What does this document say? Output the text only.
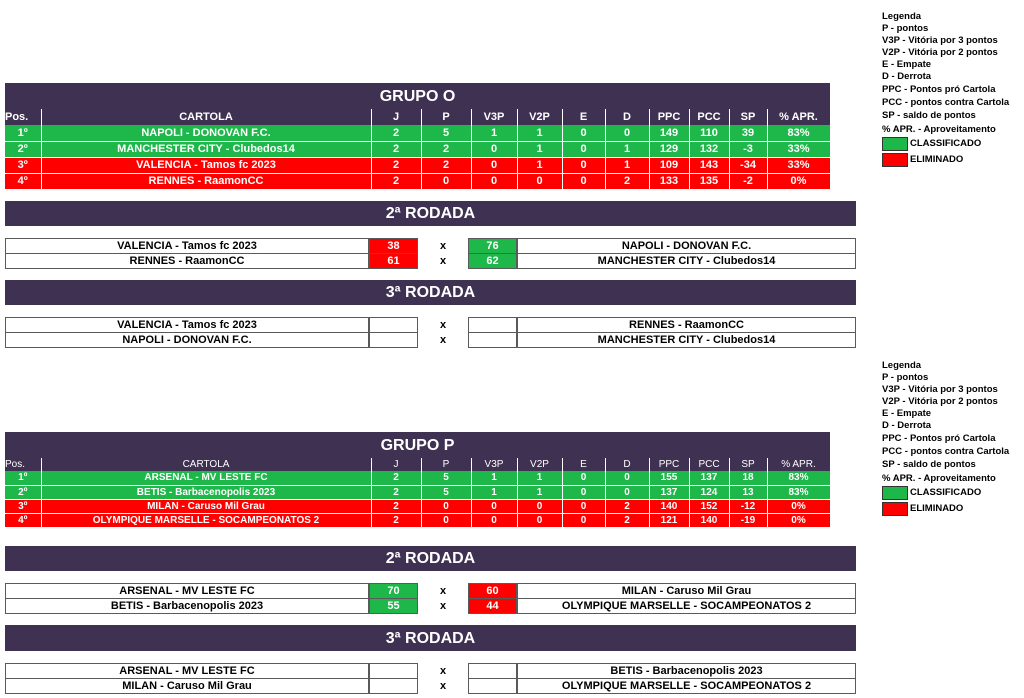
Legenda
P - pontos
V3P - Vitória por 3 pontos
V2P - Vitória por 2 pontos
E - Empate
D - Derrota
PPC - Pontos pró Cartola
PCC - pontos contra Cartola
SP - saldo de pontos
% APR. - Aproveitamento
CLASSIFICADO
ELIMINADO
Legenda
P - pontos
V3P - Vitória por 3 pontos
V2P - Vitória por 2 pontos
E - Empate
D - Derrota
PPC - Pontos pró Cartola
PCC - pontos contra Cartola
SP - saldo de pontos
% APR. - Aproveitamento
CLASSIFICADO
ELIMINADO
GRUPO O
Pos.	CARTOLA	J	P	V3P	V2P	E	D	PPC	PCC	SP	% APR.
1º	NAPOLI - DONOVAN F.C.	2	5	1	1	0	0	149	110	39	83%
2º	MANCHESTER CITY - Clubedos14	2	2	0	1	0	1	129	132	-3	33%
3º	VALENCIA - Tamos fc 2023	2	2	0	1	0	1	109	143	-34	33%
4º	RENNES - RaamonCC	2	0	0	0	0	2	133	135	-2	0%
2ª RODADA
VALENCIA - Tamos fc 2023	38	x	76	NAPOLI - DONOVAN F.C.
RENNES - RaamonCC	61	x	62	MANCHESTER CITY - Clubedos14
3ª RODADA
VALENCIA - Tamos fc 2023	x	RENNES - RaamonCC
NAPOLI - DONOVAN F.C.	x	MANCHESTER CITY - Clubedos14
GRUPO P
Pos.	CARTOLA	J	P	V3P	V2P	E	D	PPC	PCC	SP	% APR.
1º	ARSENAL - MV LESTE FC	2	5	1	1	0	0	155	137	18	83%
2º	BETIS - Barbacenopolis 2023	2	5	1	1	0	0	137	124	13	83%
3º	MILAN - Caruso Mil Grau	2	0	0	0	0	2	140	152	-12	0%
4º	OLYMPIQUE MARSELLE - SOCAMPEONATOS 2	2	0	0	0	0	2	121	140	-19	0%
2ª RODADA
ARSENAL - MV LESTE FC	70	x	60	MILAN - Caruso Mil Grau
BETIS - Barbacenopolis 2023	55	x	44	OLYMPIQUE MARSELLE - SOCAMPEONATOS 2
3ª RODADA
ARSENAL - MV LESTE FC	x	BETIS - Barbacenopolis 2023
MILAN - Caruso Mil Grau	x	OLYMPIQUE MARSELLE - SOCAMPEONATOS 2
